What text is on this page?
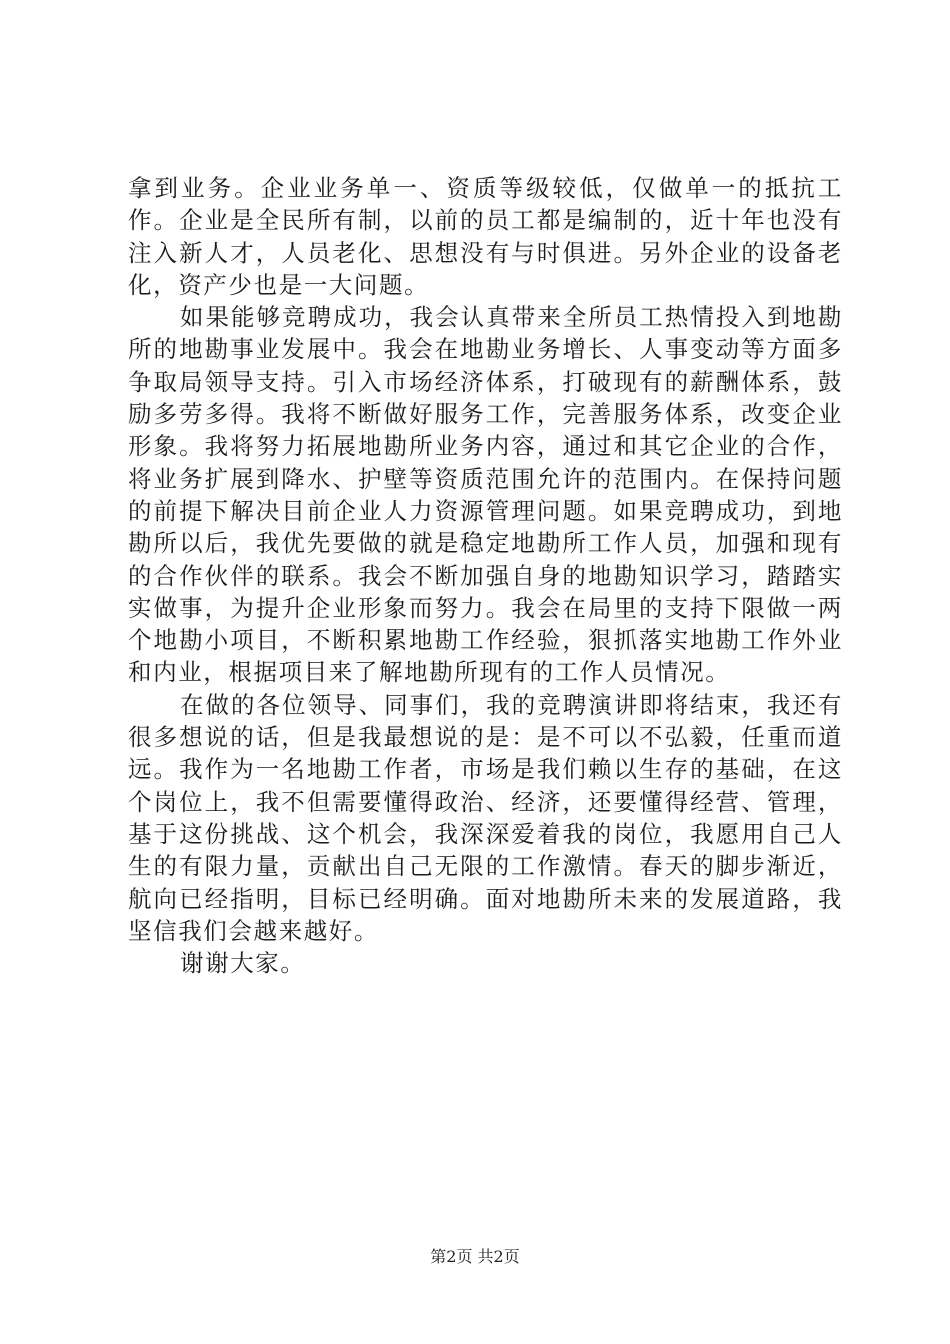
拿到业务。企业业务单一、资质等级较低，仅做单一的抵抗工作。企业是全民所有制，以前的员工都是编制的，近十年也没有注入新人才，人员老化、思想没有与时俱进。另外企业的设备老化，资产少也是一大问题。

如果能够竞聘成功，我会认真带来全所员工热情投入到地勘所的地勘事业发展中。我会在地勘业务增长、人事变动等方面多争取局领导支持。引入市场经济体系，打破现有的薪酬体系，鼓励多劳多得。我将不断做好服务工作，完善服务体系，改变企业形象。我将努力拓展地勘所业务内容，通过和其它企业的合作，将业务扩展到降水、护壁等资质范围允许的范围内。在保持问题的前提下解决目前企业人力资源管理问题。如果竞聘成功，到地勘所以后，我优先要做的就是稳定地勘所工作人员，加强和现有的合作伙伴的联系。我会不断加强自身的地勘知识学习，踏踏实实做事，为提升企业形象而努力。我会在局里的支持下限做一两个地勘小项目，不断积累地勘工作经验，狠抓落实地勘工作外业和内业，根据项目来了解地勘所现有的工作人员情况。

在做的各位领导、同事们，我的竞聘演讲即将结束，我还有很多想说的话，但是我最想说的是：是不可以不弘毅，任重而道远。我作为一名地勘工作者，市场是我们赖以生存的基础，在这个岗位上，我不但需要懂得政治、经济，还要懂得经营、管理，基于这份挑战、这个机会，我深深爱着我的岗位，我愿用自己人生的有限力量，贡献出自己无限的工作激情。春天的脚步渐近，航向已经指明，目标已经明确。面对地勘所未来的发展道路，我坚信我们会越来越好。

谢谢大家。

第2页 共2页
